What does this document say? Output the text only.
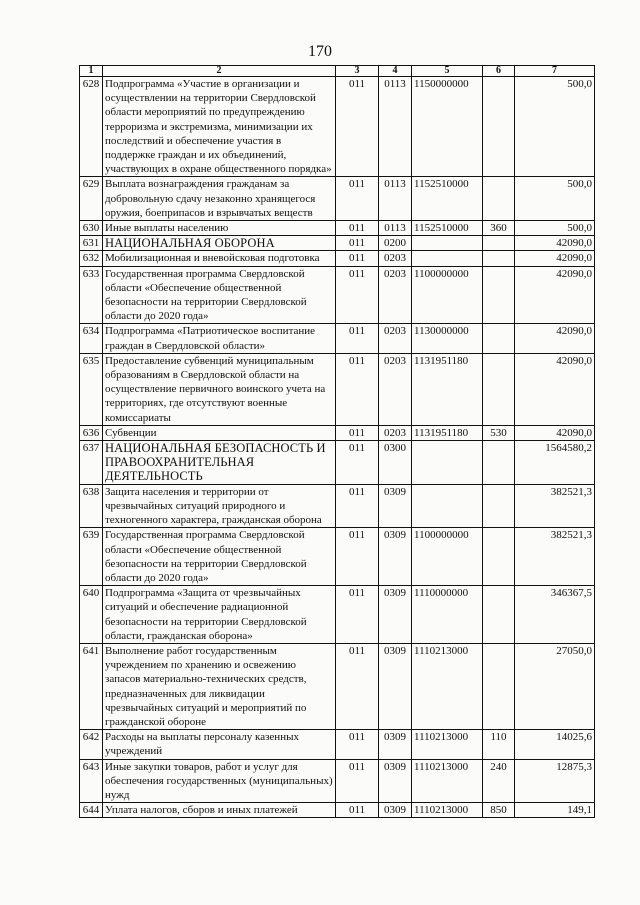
170
1	2	3	4	5	6	7
628	Подпрограмма «Участие в организации и осуществлении на территории Свердловской области мероприятий по предупреждению терроризма и экстремизма, минимизации их последствий и обеспечение участия в поддержке граждан и их объединений, участвующих в охране общественного порядка»	011	0113	1150000000		500,0
629	Выплата вознаграждения гражданам за добровольную сдачу незаконно хранящегося оружия, боеприпасов и взрывчатых веществ	011	0113	1152510000		500,0
630	Иные выплаты населению	011	0113	1152510000	360	500,0
631	НАЦИОНАЛЬНАЯ ОБОРОНА	011	0200			42090,0
632	Мобилизационная и вневойсковая подготовка	011	0203			42090,0
633	Государственная программа Свердловской области «Обеспечение общественной безопасности на территории Свердловской области до 2020 года»	011	0203	1100000000		42090,0
634	Подпрограмма «Патриотическое воспитание граждан в Свердловской области»	011	0203	1130000000		42090,0
635	Предоставление субвенций муниципальным образованиям в Свердловской области на осуществление первичного воинского учета на территориях, где отсутствуют военные комиссариаты	011	0203	1131951180		42090,0
636	Субвенции	011	0203	1131951180	530	42090,0
637	НАЦИОНАЛЬНАЯ БЕЗОПАСНОСТЬ И ПРАВООХРАНИТЕЛЬНАЯ ДЕЯТЕЛЬНОСТЬ	011	0300			1564580,2
638	Защита населения и территории от чрезвычайных ситуаций природного и техногенного характера, гражданская оборона	011	0309			382521,3
639	Государственная программа Свердловской области «Обеспечение общественной безопасности на территории Свердловской области до 2020 года»	011	0309	1100000000		382521,3
640	Подпрограмма «Защита от чрезвычайных ситуаций и обеспечение радиационной безопасности на территории Свердловской области, гражданская оборона»	011	0309	1110000000		346367,5
641	Выполнение работ государственным учреждением по хранению и освежению запасов материально-технических средств, предназначенных для ликвидации чрезвычайных ситуаций и мероприятий по гражданской обороне	011	0309	1110213000		27050,0
642	Расходы на выплаты персоналу казенных учреждений	011	0309	1110213000	110	14025,6
643	Иные закупки товаров, работ и услуг для обеспечения государственных (муниципальных) нужд	011	0309	1110213000	240	12875,3
644	Уплата налогов, сборов и иных платежей	011	0309	1110213000	850	149,1
